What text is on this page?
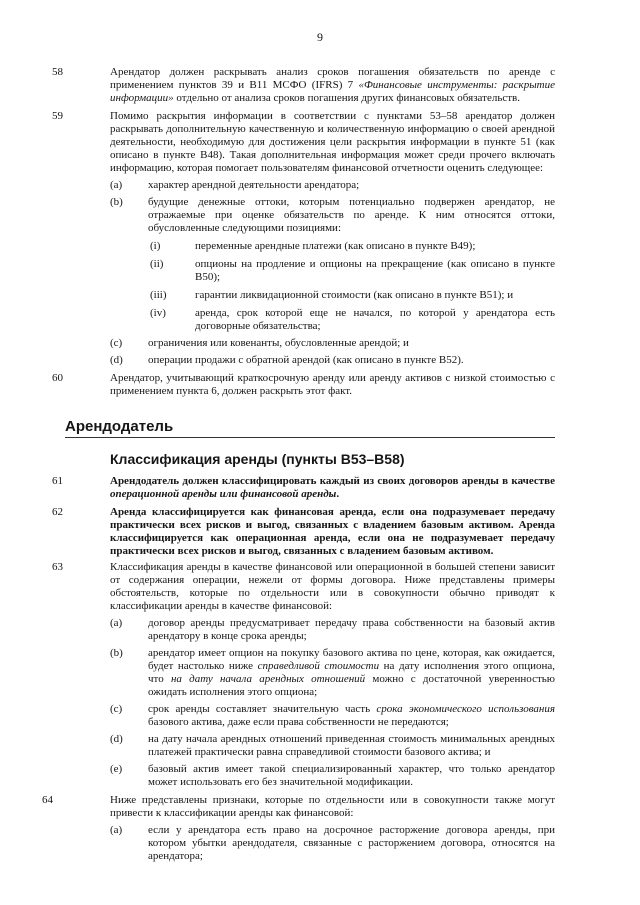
9
58	Арендатор должен раскрывать анализ сроков погашения обязательств по аренде с применением пунктов 39 и B11 МСФО (IFRS) 7 «Финансовые инструменты: раскрытие информации» отдельно от анализа сроков погашения других финансовых обязательств.
59	Помимо раскрытия информации в соответствии с пунктами 53–58 арендатор должен раскрывать дополнительную качественную и количественную информацию о своей арендной деятельности, необходимую для достижения цели раскрытия информации в пункте 51 (как описано в пункте B48). Такая дополнительная информация может среди прочего включать информацию, которая помогает пользователям финансовой отчетности оценить следующее:
(a) характер арендной деятельности арендатора;
(b) будущие денежные оттоки, которым потенциально подвержен арендатор, не отражаемые при оценке обязательств по аренде. К ним относятся оттоки, обусловленные следующими позициями:
(i)	переменные арендные платежи (как описано в пункте B49);
(ii)	опционы на продление и опционы на прекращение (как описано в пункте B50);
(iii)	гарантии ликвидационной стоимости (как описано в пункте B51); и
(iv)	аренда, срок которой еще не начался, по которой у арендатора есть договорные обязательства;
(c) ограничения или ковенанты, обусловленные арендой; и
(d) операции продажи с обратной арендой (как описано в пункте B52).
60	Арендатор, учитывающий краткосрочную аренду или аренду активов с низкой стоимостью с применением пункта 6, должен раскрыть этот факт.
Арендодатель
Классификация аренды (пункты B53–B58)
61	Арендодатель должен классифицировать каждый из своих договоров аренды в качестве операционной аренды или финансовой аренды.
62	Аренда классифицируется как финансовая аренда, если она подразумевает передачу практически всех рисков и выгод, связанных с владением базовым активом. Аренда классифицируется как операционная аренда, если она не подразумевает передачу практически всех рисков и выгод, связанных с владением базовым активом.
63	Классификация аренды в качестве финансовой или операционной в большей степени зависит от содержания операции, нежели от формы договора. Ниже представлены примеры обстоятельств, которые по отдельности или в совокупности обычно приводят к классификации аренды в качестве финансовой:
(a) договор аренды предусматривает передачу права собственности на базовый актив арендатору в конце срока аренды;
(b) арендатор имеет опцион на покупку базового актива по цене, которая, как ожидается, будет настолько ниже справедливой стоимости на дату исполнения этого опциона, что на дату начала арендных отношений можно с достаточной уверенностью ожидать исполнения этого опциона;
(c) срок аренды составляет значительную часть срока экономического использования базового актива, даже если права собственности не передаются;
(d) на дату начала арендных отношений приведенная стоимость минимальных арендных платежей практически равна справедливой стоимости базового актива; и
(e) базовый актив имеет такой специализированный характер, что только арендатор может использовать его без значительной модификации.
64	Ниже представлены признаки, которые по отдельности или в совокупности также могут привести к классификации аренды как финансовой:
(a) если у арендатора есть право на досрочное расторжение договора аренды, при котором убытки арендодателя, связанные с расторжением договора, относятся на арендатора;
